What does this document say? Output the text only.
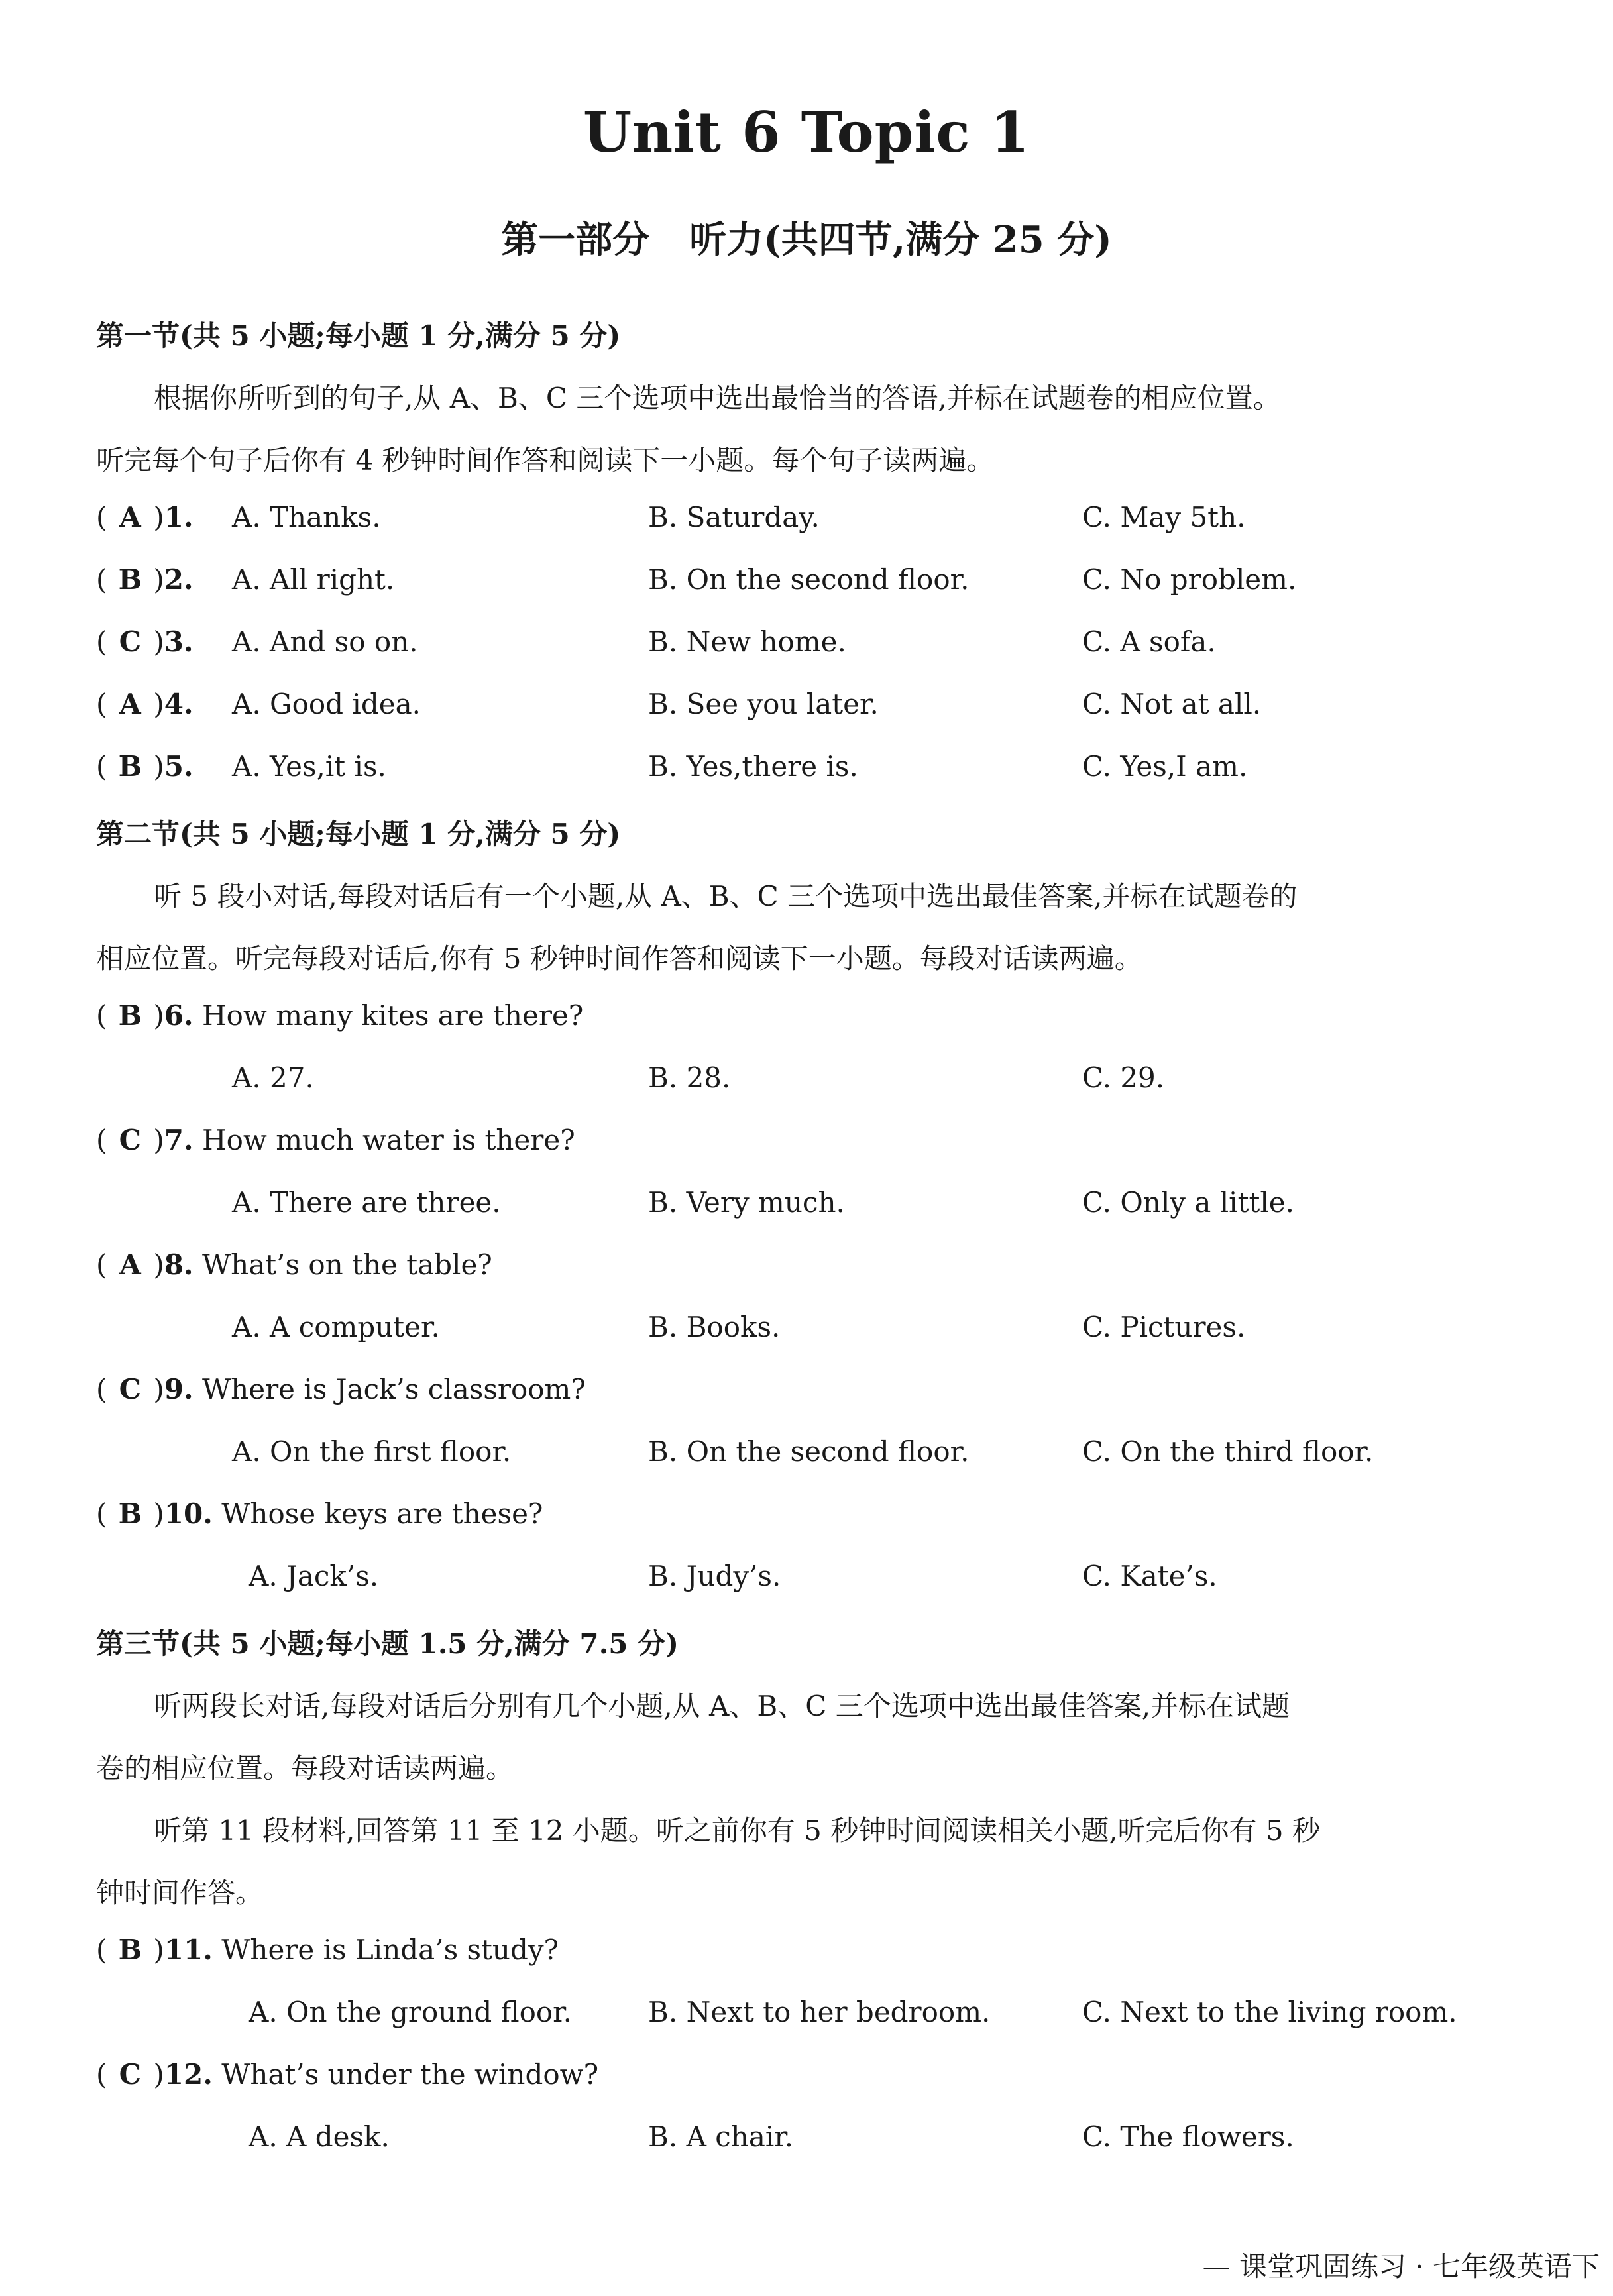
Unit 6 Topic 1
第一部分 听力(共四节,满分 25 分)
第一节(共 5 小题;每小题 1 分,满分 5 分)
根据你所听到的句子,从 A、B、C 三个选项中选出最恰当的答语,并标在试题卷的相应位置。
听完每个句子后你有 4 秒钟时间作答和阅读下一小题。每个句子读两遍。
( A )1. A. Thanks.	B. Saturday.	C. May 5th.
( B )2. A. All right.	B. On the second floor.	C. No problem.
( C )3. A. And so on.	B. New home.	C. A sofa.
( A )4. A. Good idea.	B. See you later.	C. Not at all.
( B )5. A. Yes,it is.	B. Yes,there is.	C. Yes,I am.
第二节(共 5 小题;每小题 1 分,满分 5 分)
听 5 段小对话,每段对话后有一个小题,从 A、B、C 三个选项中选出最佳答案,并标在试题卷的
相应位置。听完每段对话后,你有 5 秒钟时间作答和阅读下一小题。每段对话读两遍。
( B )6. How many kites are there?
A. 27.	B. 28.	C. 29.
( C )7. How much water is there?
A. There are three.	B. Very much.	C. Only a little.
( A )8. What’s on the table?
A. A computer.	B. Books.	C. Pictures.
( C )9. Where is Jack’s classroom?
A. On the first floor.	B. On the second floor.	C. On the third floor.
( B )10. Whose keys are these?
A. Jack’s.	B. Judy’s.	C. Kate’s.
第三节(共 5 小题;每小题 1.5 分,满分 7.5 分)
听两段长对话,每段对话后分别有几个小题,从 A、B、C 三个选项中选出最佳答案,并标在试题
卷的相应位置。每段对话读两遍。
听第 11 段材料,回答第 11 至 12 小题。听之前你有 5 秒钟时间阅读相关小题,听完后你有 5 秒
钟时间作答。
( B )11. Where is Linda’s study?
A. On the ground floor.	B. Next to her bedroom.	C. Next to the living room.
( C )12. What’s under the window?
A. A desk.	B. A chair.	C. The flowers.
— 课堂巩固练习 · 七年级英语下
